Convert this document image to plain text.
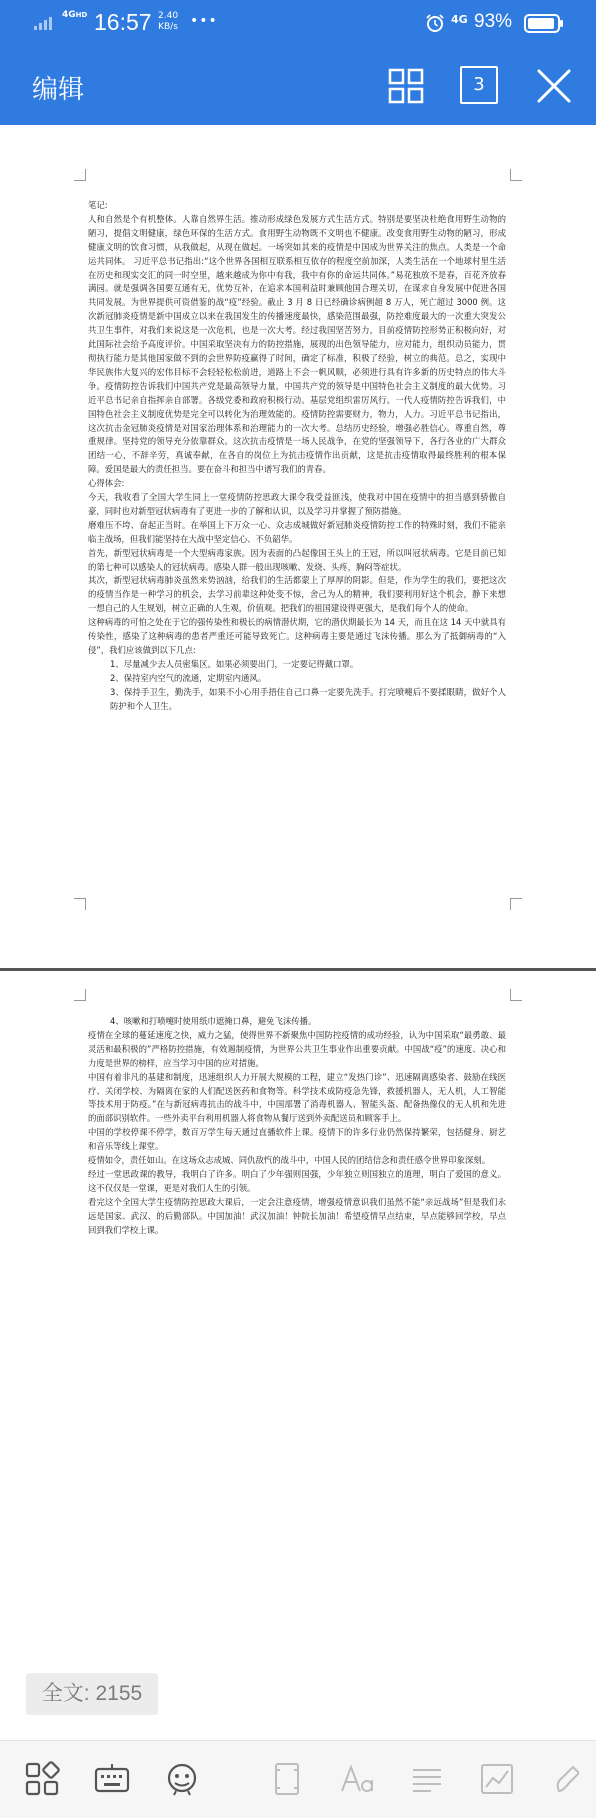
4GHD 16:57 2.40
KB/s •••	4G 93%
编辑	3

笔记:

人和自然是个有机整体。人靠自然界生活。推动形成绿色发展方式生活方式。特别是要坚决杜绝食用野生动物的陋习，提倡文明健康，绿色环保的生活方式。食用野生动物既不文明也不健康。改变食用野生动物的陋习，形成健康文明的饮食习惯，从我做起，从现在做起。一场突如其来的疫情是中国成为世界关注的焦点。人类是一个命运共同体。 习近平总书记指出:“这个世界各国相互联系相互依存的程度空前加深，人类生活在一个地球村里生活在历史和现实交汇的同一时空里，越来越成为你中有我，我中有你的命运共同体。”易花独放不是春，百花齐放春满园。就是强调各国要互通有无，优势互补，在追求本国利益时兼顾他国合理关切，在谋求自身发展中促进各国共同发展。为世界提供可资借鉴的战“疫”经验。截止 3 月 8 日已经确诊病例超 8 万人，死亡超过 3000 例。这次新冠肺炎疫情是新中国成立以来在我国发生的传播速度最快，感染范围最强，防控难度最大的一次重大突发公共卫生事件，对我们来说这是一次危机，也是一次大考。经过我国坚苦努力，目前疫情防控形势正积极向好，对此国际社会给予高度评价。中国采取坚决有力的防控措施，展现的出色领导能力，应对能力，组织动员能力，贯彻执行能力是其他国家做不到的会世界防疫赢得了时间，确定了标准，积极了经验，树立的典范。总之，实现中华民族伟大复兴的宏伟目标不会轻轻松松前进，道路上不会一帆风顺，必须进行具有许多新的历史特点的伟大斗争。疫情防控告诉我们中国共产党是最高领导力量，中国共产党的领导是中国特色社会主义制度的最大优势。习近平总书记亲自指挥亲自部署。各级党委和政府积极行动。基层党组织雷厉风行。一代人疫情防控告诉我们，中国特色社会主义制度优势是完全可以转化为治理效能的。疫情防控需要财力，物力，人力。习近平总书记指出，这次抗击金冠肺炎疫情是对国家治理体系和治理能力的一次大考。总结历史经验，增强必胜信心。尊重自然，尊重规律。坚持党的领导充分依靠群众。这次抗击疫情是一场人民战争，在党的坚强领导下，各行各业的广大群众团结一心，不辞辛劳，真诚奉献，在各自的岗位上为抗击疫情作出贡献，这是抗击疫情取得最终胜利的根本保障。爱国是最大的责任担当。要在奋斗和担当中谱写我们的青春。

心得体会:

今天，我收看了全国大学生同上一堂疫情防控思政大课令我受益匪浅，使我对中国在疫情中的担当感到骄傲自豪，同时也对新型冠状病毒有了更进一步的了解和认识，以及学习并掌握了预防措施。

磨难压不垮、奋起正当时。在举国上下万众一心、众志成城做好新冠肺炎疫情防控工作的特殊时刻，我们不能亲临主战场，但我们能坚持在大战中坚定信心、不负韶华。

首先，新型冠状病毒是一个大型病毒家族。因为表面的凸起像国王头上的王冠，所以叫冠状病毒。它是目前已知的第七种可以感染人的冠状病毒。感染人群一般出现咳嗽、发烧、头疼，胸闷等症状。

其次，新型冠状病毒肺炎虽然来势汹汹，给我们的生活都蒙上了厚厚的阴影。但是，作为学生的我们，要把这次的疫情当作是一种学习的机会，去学习前辈这种处变不惊，舍己为人的精神，我们要利用好这个机会，静下来想一想自己的人生规划，树立正确的人生观，价值观。把我们的祖国建设得更强大，是我们每个人的使命。

这种病毒的可怕之处在于它的强传染性和极长的病情潜伏期，它的潜伏期最长为 14 天，而且在这 14 天中就具有传染性，感染了这种病毒的患者严重还可能导致死亡。这种病毒主要是通过飞沫传播。那么为了抵御病毒的“入侵”，我们应该做到以下几点:

1、尽量减少去人员密集区。如果必须要出门，一定要记得戴口罩。

2、保持室内空气的流通，定期室内通风。

3、保持手卫生，勤洗手，如果不小心用手捂住自己口鼻一定要先洗手。打完喷嚏后不要揉眼睛，做好个人防护和个人卫生。

4、咳嗽和打喷嚏时使用纸巾遮掩口鼻，避免飞沫传播。

疫情在全球的蔓延速度之快，威力之猛，使得世界不新聚焦中国防控疫情的成功经验，认为中国采取“最勇敢、最灵活和最积极的”严格防控措施，有效遏制疫情，为世界公共卫生事业作出重要贡献。中国战“疫”的速度、决心和力度是世界的榜样，应当学习中国的应对措施。

中国有着非凡的基建和制度，迅速组织人力开展大规模的工程，建立“发热门诊”、迅速隔离感染者、鼓励在线医疗、关闭学校、为隔离在家的人们配送医药和食物等。科学技术成防疫急先锋，救援机器人，无人机，人工智能等技术用于防疫。”在与新冠病毒抗击的战斗中，中国部署了消毒机器人、智能头盔、配备热像仪的无人机和先进的面部识别软件。一些外卖平台利用机器人将食物从餐厅送到外卖配送员和顾客手上。

中国的学校停课不停学，数百万学生每天通过直播软件上课。疫情下的许多行业仍然保持繁荣，包括健身、厨艺和音乐等线上课堂。

疫情如令，责任如山。在这场众志成城、同仇敌忾的战斗中，中国人民的团结信念和责任感令世界印象深刻。

经过一堂思政课的教导，我明白了许多。明白了少年强则国强，少年独立则国独立的道理，明白了爱国的意义。这不仅仅是一堂课，更是对我们人生的引领。

看完这个全国大学生疫情防控思政大课后，一定会注意疫情，增强疫情意识我们虽然不能“亲远战场”但是我们永远是国家、武汉、的后勤部队。中国加油！武汉加油！钟院长加油！希望疫情早点结束，早点能够回学校，早点回到我们学校上课。

全文: 2155
